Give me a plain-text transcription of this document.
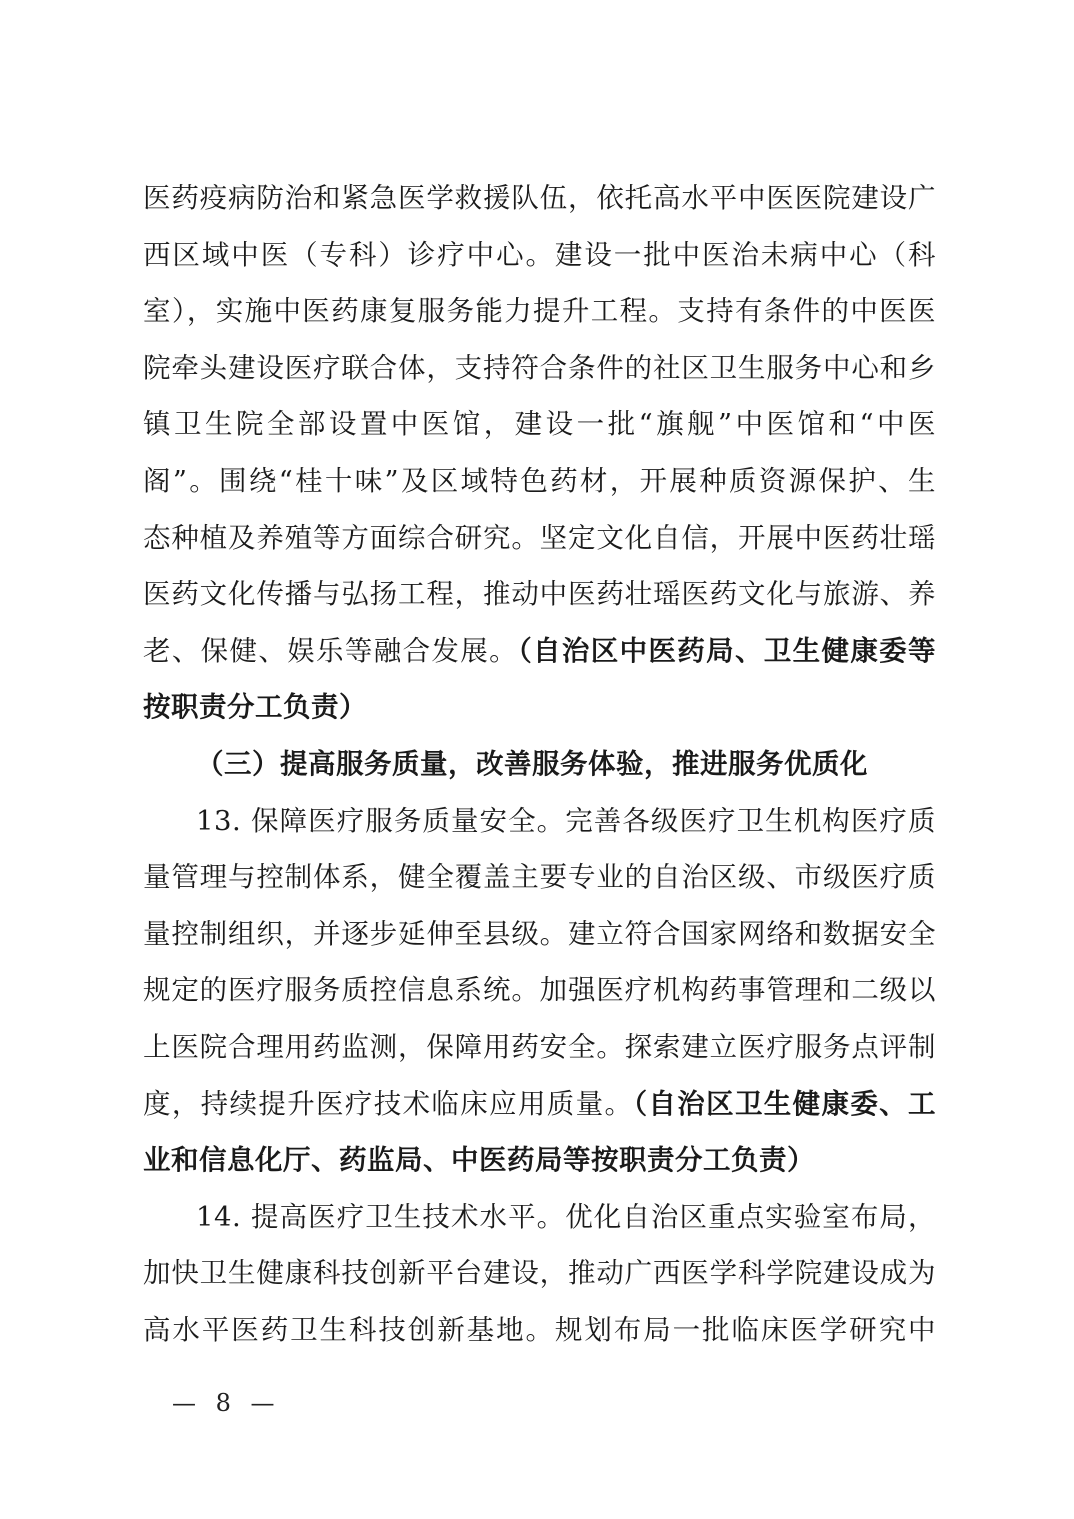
医药疫病防治和紧急医学救援队伍，依托高水平中医医院建设广
西区域中医（专科）诊疗中心。建设一批中医治未病中心（科
室），实施中医药康复服务能力提升工程。支持有条件的中医医
院牵头建设医疗联合体，支持符合条件的社区卫生服务中心和乡
镇卫生院全部设置中医馆，建设一批“旗舰”中医馆和“中医
阁”。围绕“桂十味”及区域特色药材，开展种质资源保护、生
态种植及养殖等方面综合研究。坚定文化自信，开展中医药壮瑶
医药文化传播与弘扬工程，推动中医药壮瑶医药文化与旅游、养
老、保健、娱乐等融合发展。（自治区中医药局、卫生健康委等
按职责分工负责）
（三）提高服务质量，改善服务体验，推进服务优质化
13. 保障医疗服务质量安全。完善各级医疗卫生机构医疗质
量管理与控制体系，健全覆盖主要专业的自治区级、市级医疗质
量控制组织，并逐步延伸至县级。建立符合国家网络和数据安全
规定的医疗服务质控信息系统。加强医疗机构药事管理和二级以
上医院合理用药监测，保障用药安全。探索建立医疗服务点评制
度，持续提升医疗技术临床应用质量。（自治区卫生健康委、工
业和信息化厅、药监局、中医药局等按职责分工负责）
14. 提高医疗卫生技术水平。优化自治区重点实验室布局，
加快卫生健康科技创新平台建设，推动广西医学科学院建设成为
高水平医药卫生科技创新基地。规划布局一批临床医学研究中
— 8 —
